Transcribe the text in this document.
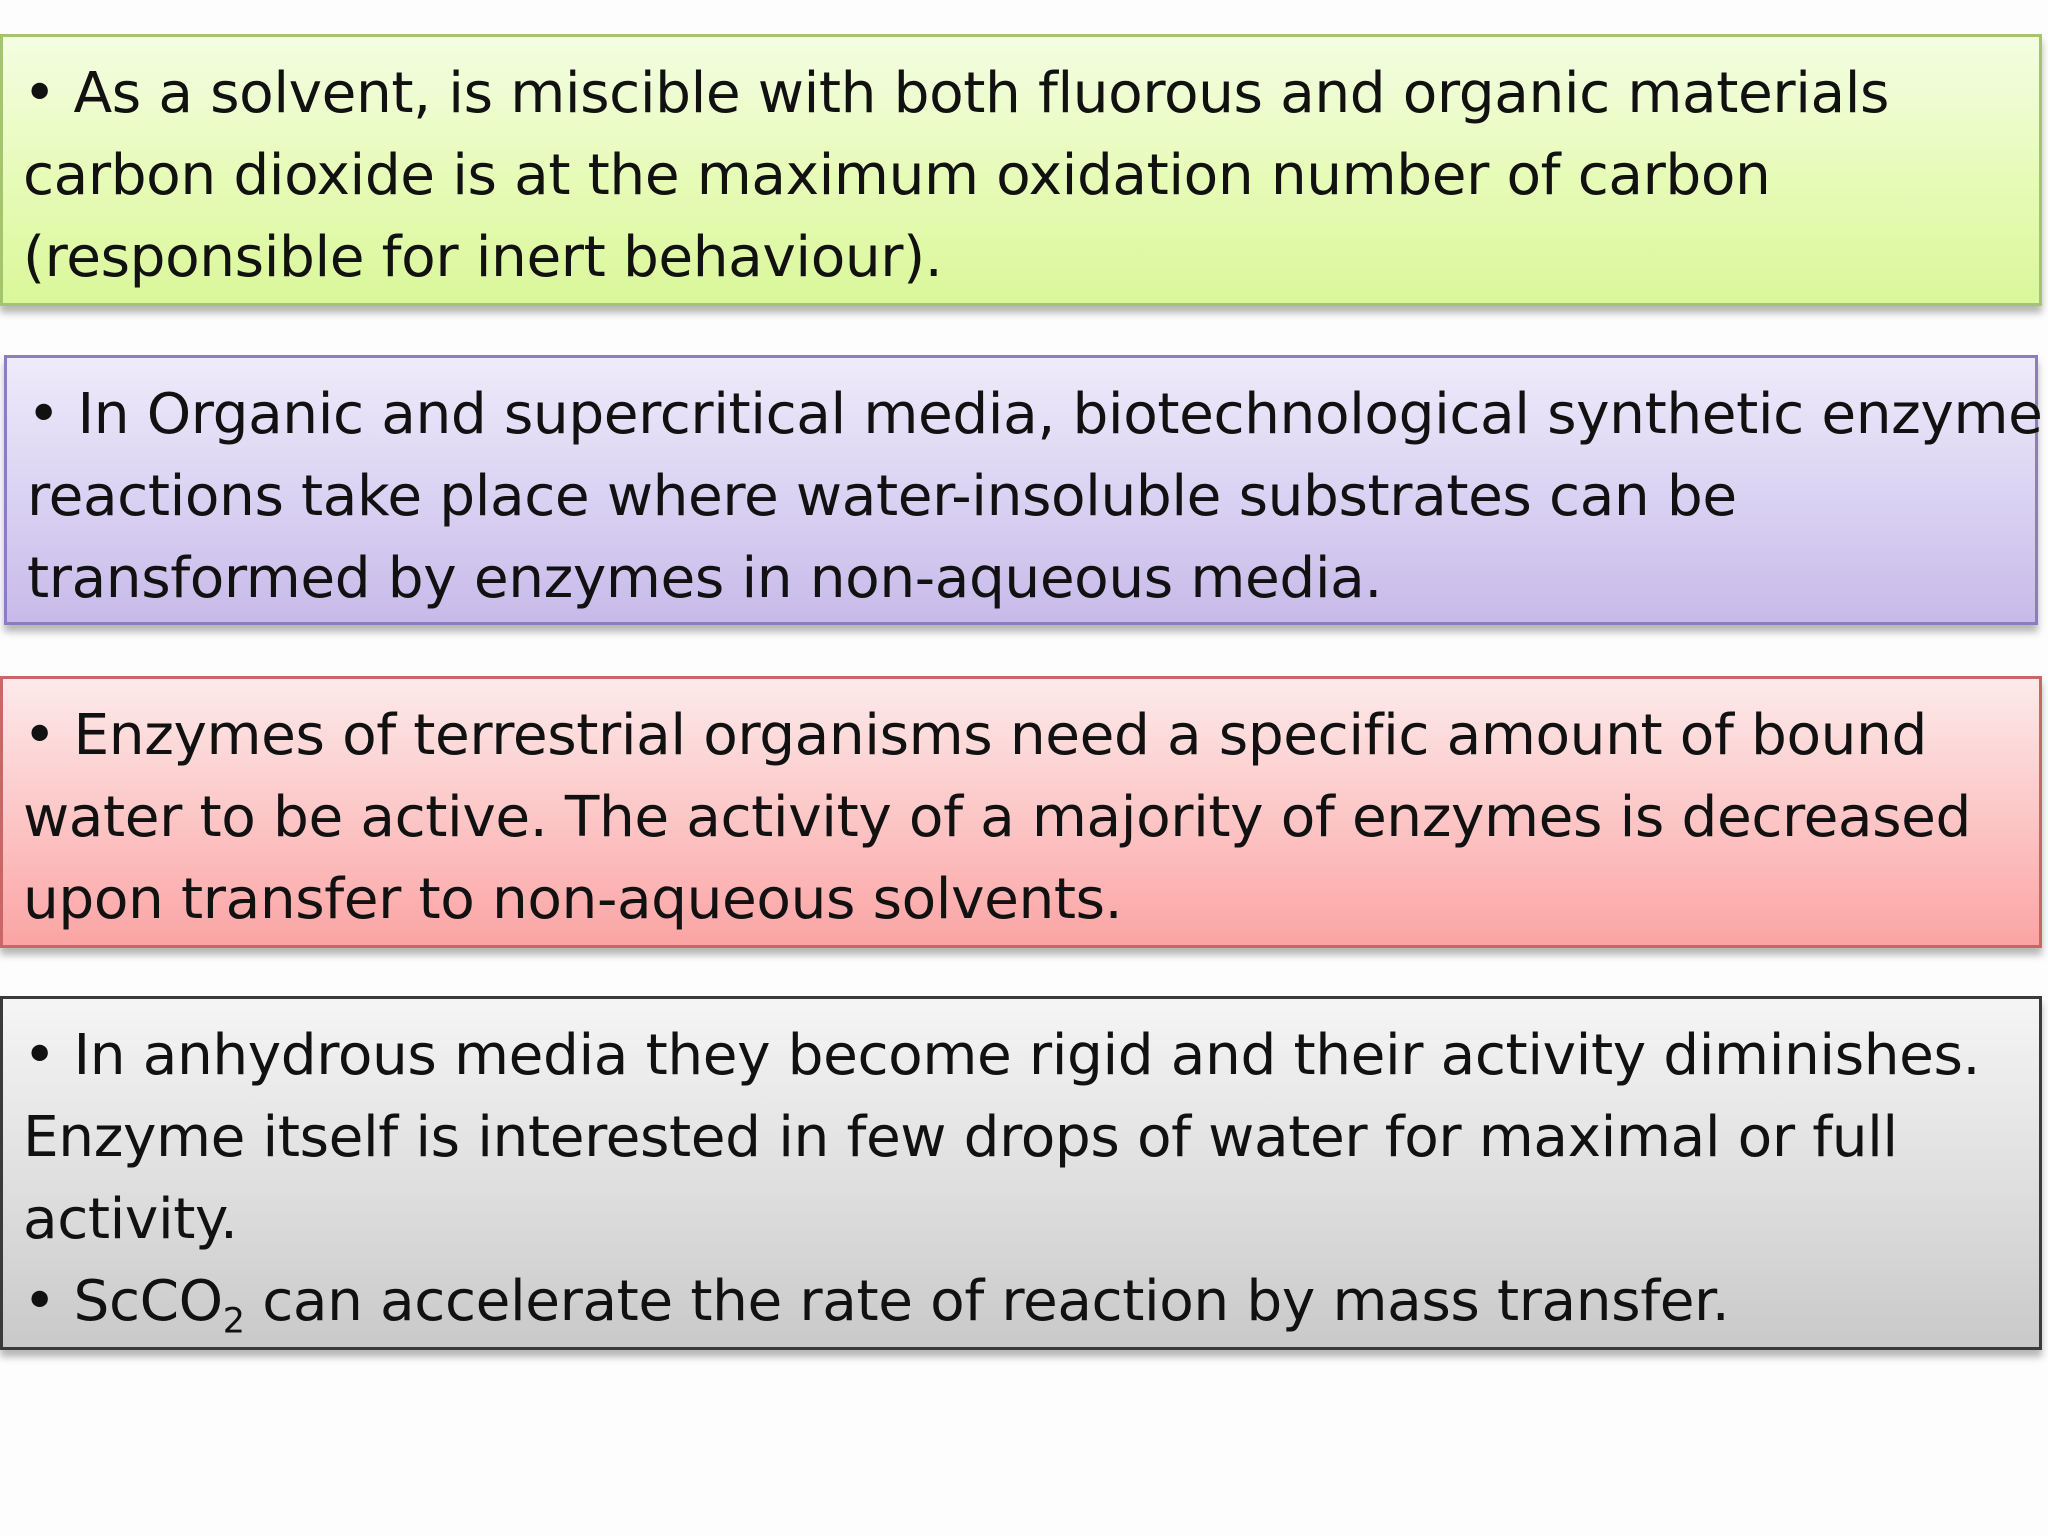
• As a solvent, is miscible with both fluorous and organic materials

carbon dioxide is at the maximum oxidation number of carbon

(responsible for inert behaviour).

• In Organic and supercritical media, biotechnological synthetic enzyme

reactions take place where water-insoluble substrates can be

transformed by enzymes in non-aqueous media.

• Enzymes of terrestrial organisms need a specific amount of bound

water to be active. The activity of a majority of enzymes is decreased

upon transfer to non-aqueous solvents.

• In anhydrous media they become rigid and their activity diminishes.

Enzyme itself is interested in few drops of water for maximal or full

activity.

• ScCO$_2$ can accelerate the rate of reaction by mass transfer.
